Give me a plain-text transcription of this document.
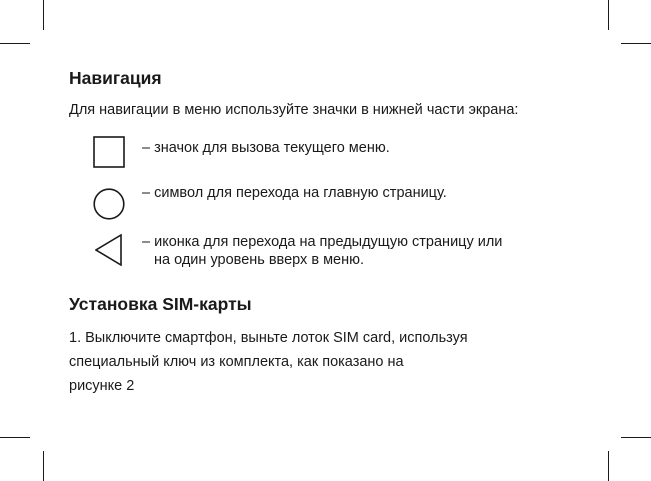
Навигация

Для навигации в меню используйте значки в нижней части экрана:

– значок для вызова текущего меню.

– символ для перехода на главную страницу.

– иконка для перехода на предыдущую страницу или
на один уровень вверх в меню.

Установка SIM-карты

1. Выключите смартфон, выньте лоток SIM card, используя

специальный ключ из комплекта, как показано на

рисунке 2
